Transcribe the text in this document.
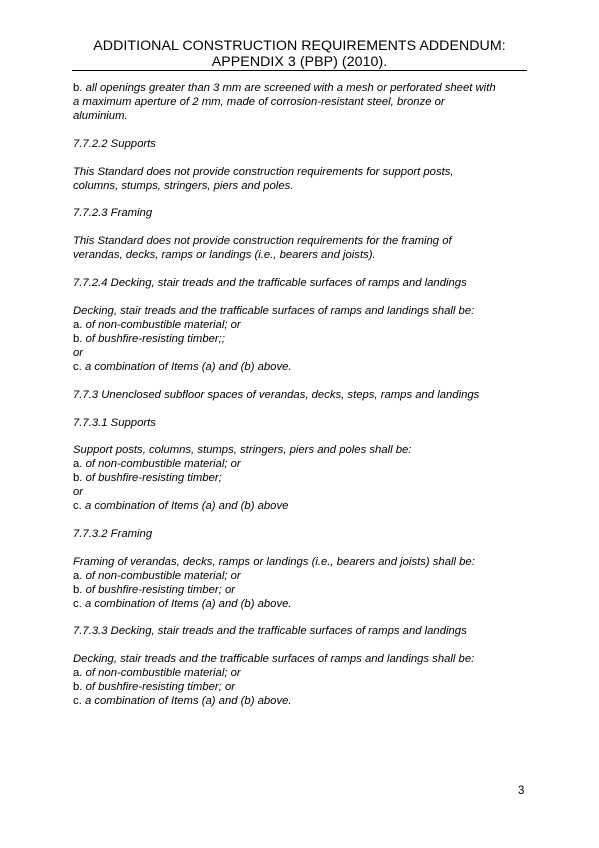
ADDITIONAL CONSTRUCTION REQUIREMENTS ADDENDUM:
APPENDIX 3 (PBP) (2010).
b. all openings greater than 3 mm are screened with a mesh or perforated sheet with
a maximum aperture of 2 mm, made of corrosion-resistant steel, bronze or
aluminium.
7.7.2.2 Supports
This Standard does not provide construction requirements for support posts,
columns, stumps, stringers, piers and poles.
7.7.2.3 Framing
This Standard does not provide construction requirements for the framing of
verandas, decks, ramps or landings (i.e., bearers and joists).
7.7.2.4 Decking, stair treads and the trafficable surfaces of ramps and landings
Decking, stair treads and the trafficable surfaces of ramps and landings shall be:
a. of non-combustible material; or
b. of bushfire-resisting timber;;
or
c. a combination of Items (a) and (b) above.
7.7.3 Unenclosed subfloor spaces of verandas, decks, steps, ramps and landings
7.7.3.1 Supports
Support posts, columns, stumps, stringers, piers and poles shall be:
a. of non-combustible material; or
b. of bushfire-resisting timber;
or
c. a combination of Items (a) and (b) above
7.7.3.2 Framing
Framing of verandas, decks, ramps or landings (i.e., bearers and joists) shall be:
a. of non-combustible material; or
b. of bushfire-resisting timber; or
c. a combination of Items (a) and (b) above.
7.7.3.3 Decking, stair treads and the trafficable surfaces of ramps and landings
Decking, stair treads and the trafficable surfaces of ramps and landings shall be:
a. of non-combustible material; or
b. of bushfire-resisting timber; or
c. a combination of Items (a) and (b) above.
3
